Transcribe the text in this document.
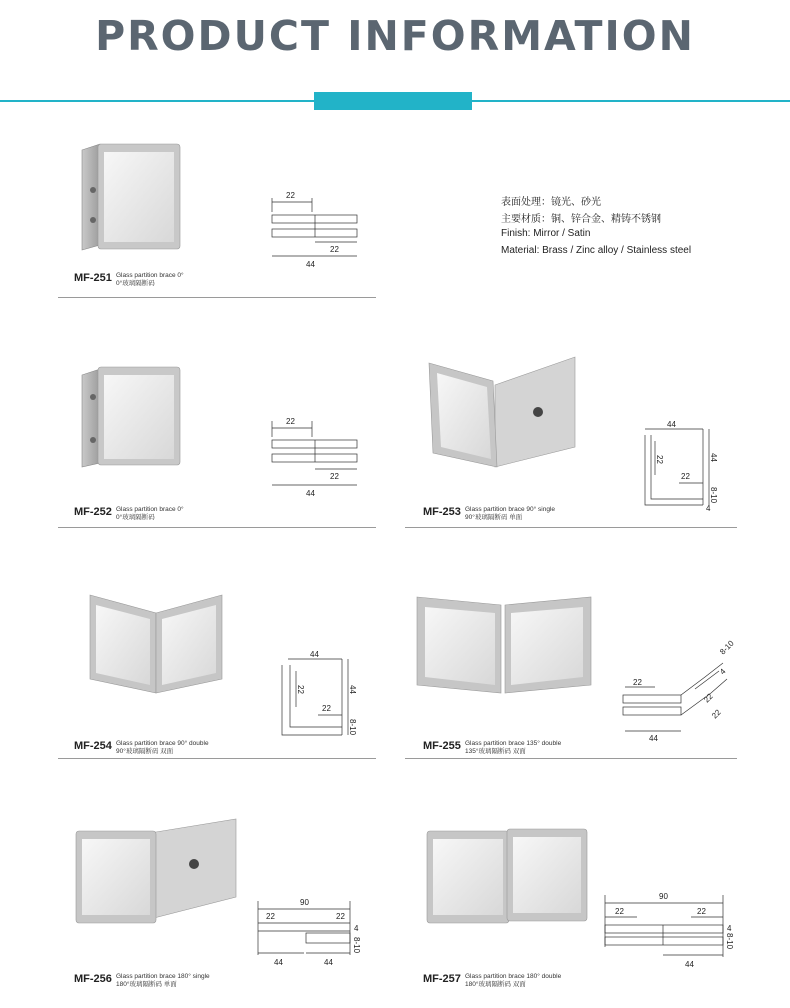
PRODUCT INFORMATION
表面处理：镜光、砂光
主要材质：铜、锌合金、精铸不锈钢
Finish: Mirror / Satin
Material: Brass / Zinc alloy / Stainless steel
22
22
44
MF-251 Glass partition brace 0°
0°玻璃隔断码
22
22
44
MF-252 Glass partition brace 0°
0°玻璃隔断码
44
22	44
22
8-10
4
MF-253 Glass partition brace 90° single
90°玻璃隔断码 单面
44
22	44
22
8-10
MF-254 Glass partition brace 90° double
90°玻璃隔断码 双面
22
44
8-10
4
22
22
MF-255 Glass partition brace 135° double
135°玻璃隔断码 双面
90
22	22
4
8-10
44	44
MF-256 Glass partition brace 180° single
180°玻璃隔断码 单面
90
22	22
4
8-10
44
MF-257 Glass partition brace 180° double
180°玻璃隔断码 双面
